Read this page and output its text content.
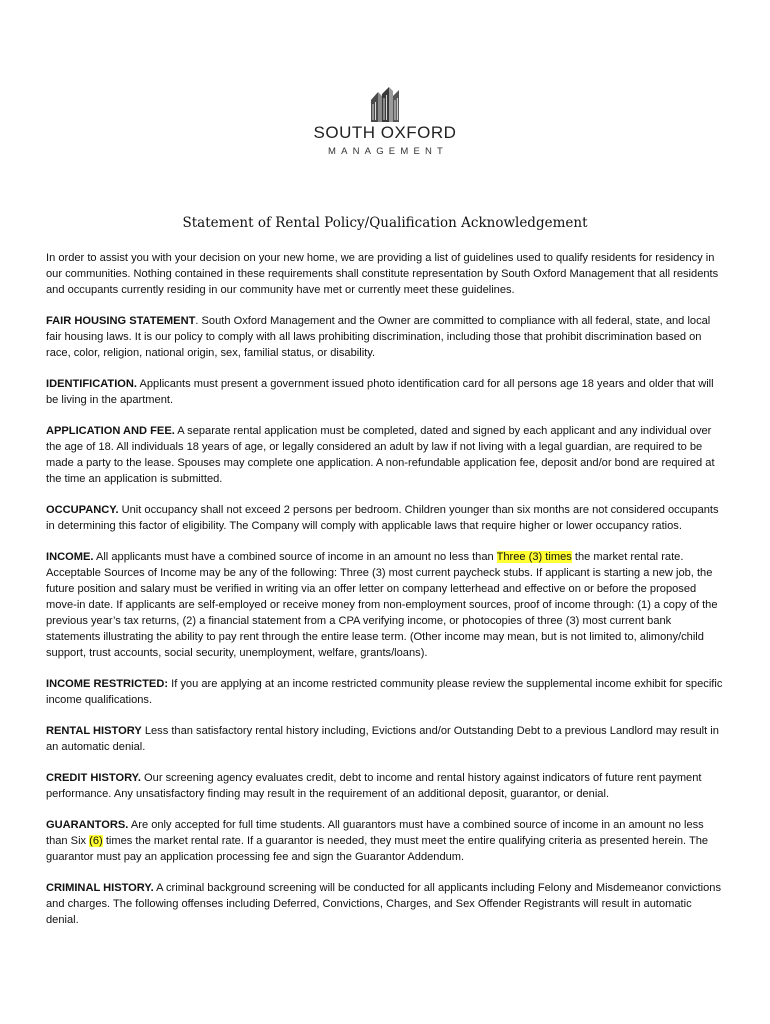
SOUTH OXFORD
MANAGEMENT
Statement of Rental Policy/Qualification Acknowledgement

In order to assist you with your decision on your new home, we are providing a list of guidelines used to qualify residents for residency in our communities. Nothing contained in these requirements shall constitute representation by South Oxford Management that all residents and occupants currently residing in our community have met or currently meet these guidelines.

FAIR HOUSING STATEMENT. South Oxford Management and the Owner are committed to compliance with all federal, state, and local fair housing laws. It is our policy to comply with all laws prohibiting discrimination, including those that prohibit discrimination based on race, color, religion, national origin, sex, familial status, or disability.

IDENTIFICATION. Applicants must present a government issued photo identification card for all persons age 18 years and older that will be living in the apartment.

APPLICATION AND FEE. A separate rental application must be completed, dated and signed by each applicant and any individual over the age of 18. All individuals 18 years of age, or legally considered an adult by law if not living with a legal guardian, are required to be made a party to the lease. Spouses may complete one application. A non-refundable application fee, deposit and/or bond are required at the time an application is submitted.

OCCUPANCY. Unit occupancy shall not exceed 2 persons per bedroom. Children younger than six months are not considered occupants in determining this factor of eligibility. The Company will comply with applicable laws that require higher or lower occupancy ratios.

INCOME. All applicants must have a combined source of income in an amount no less than Three (3) times the market rental rate. Acceptable Sources of Income may be any of the following: Three (3) most current paycheck stubs. If applicant is starting a new job, the future position and salary must be verified in writing via an offer letter on company letterhead and effective on or before the proposed move-in date. If applicants are self-employed or receive money from non-employment sources, proof of income through: (1) a copy of the previous year’s tax returns, (2) a financial statement from a CPA verifying income, or photocopies of three (3) most current bank statements illustrating the ability to pay rent through the entire lease term. (Other income may mean, but is not limited to, alimony/child support, trust accounts, social security, unemployment, welfare, grants/loans).

INCOME RESTRICTED: If you are applying at an income restricted community please review the supplemental income exhibit for specific income qualifications.

RENTAL HISTORY Less than satisfactory rental history including, Evictions and/or Outstanding Debt to a previous Landlord may result in an automatic denial.

CREDIT HISTORY. Our screening agency evaluates credit, debt to income and rental history against indicators of future rent payment performance. Any unsatisfactory finding may result in the requirement of an additional deposit, guarantor, or denial.

GUARANTORS. Are only accepted for full time students. All guarantors must have a combined source of income in an amount no less than Six (6) times the market rental rate. If a guarantor is needed, they must meet the entire qualifying criteria as presented herein. The guarantor must pay an application processing fee and sign the Guarantor Addendum.

CRIMINAL HISTORY. A criminal background screening will be conducted for all applicants including Felony and Misdemeanor convictions and charges. The following offenses including Deferred, Convictions, Charges, and Sex Offender Registrants will result in automatic denial.
